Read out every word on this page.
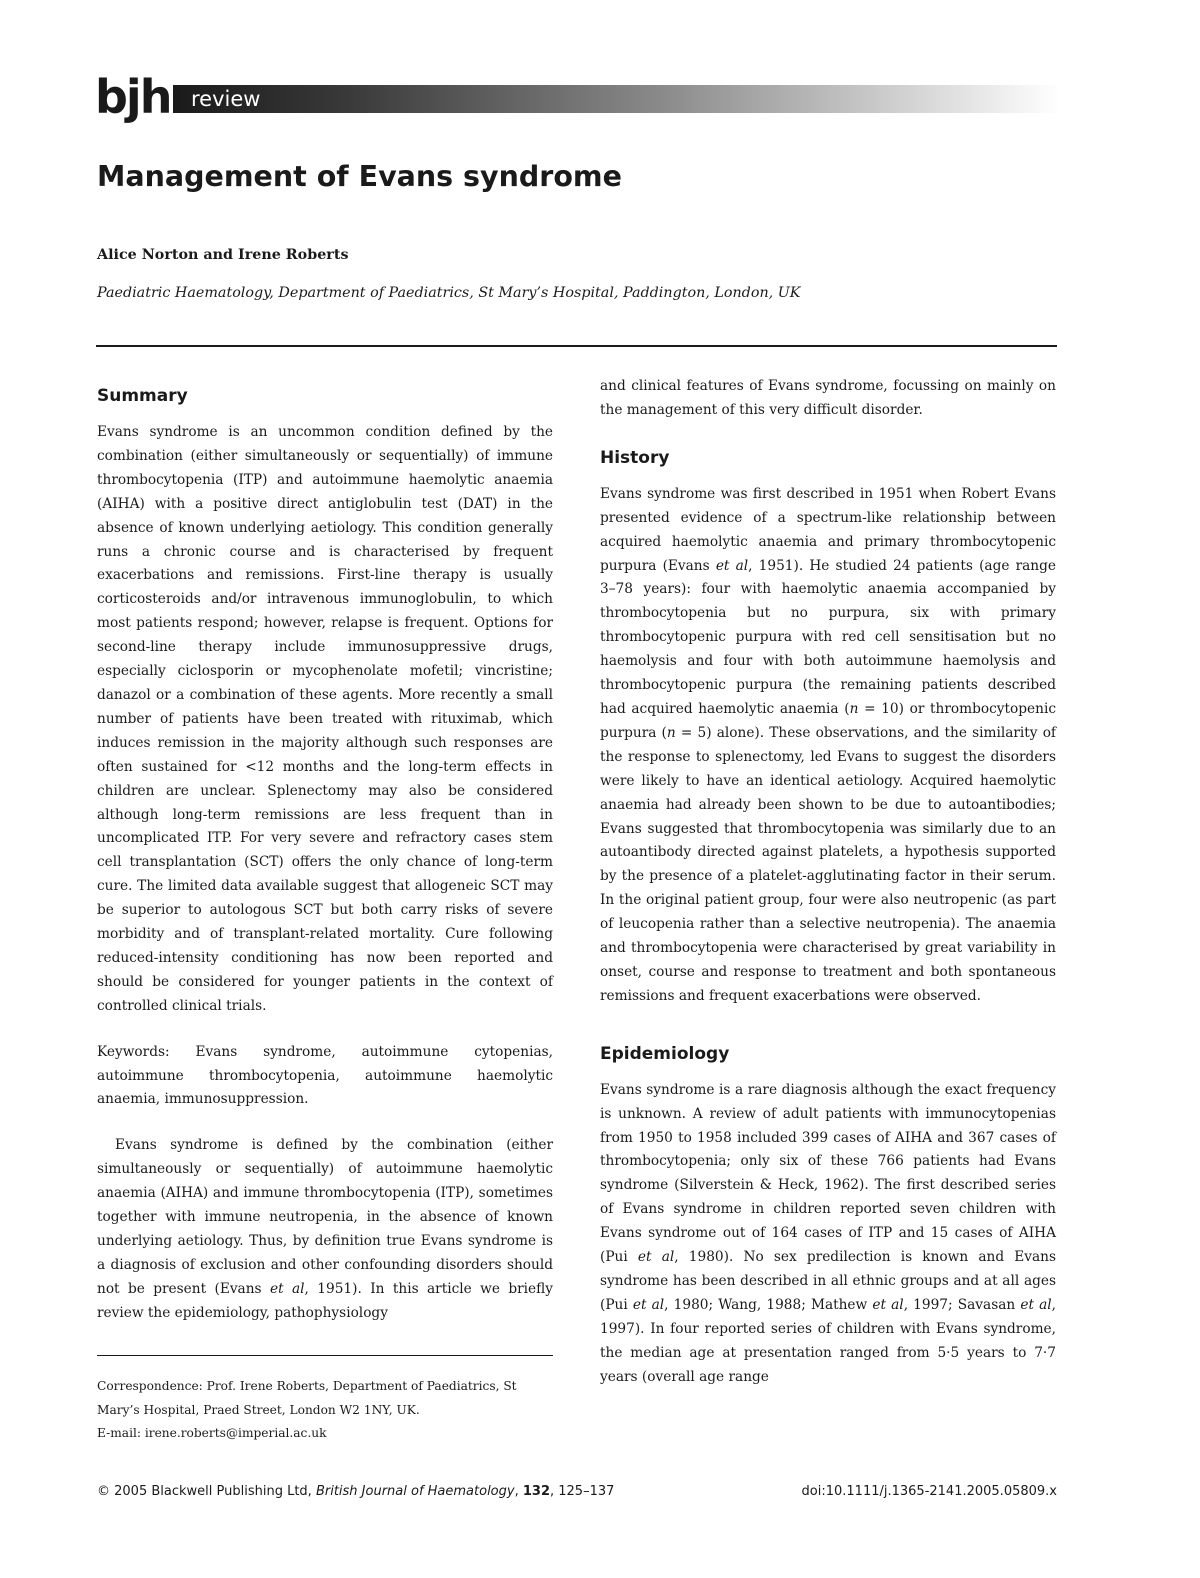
bjh review
Management of Evans syndrome
Alice Norton and Irene Roberts
Paediatric Haematology, Department of Paediatrics, St Mary’s Hospital, Paddington, London, UK
Summary

Evans syndrome is an uncommon condition defined by the combination (either simultaneously or sequentially) of immune thrombocytopenia (ITP) and autoimmune haemolytic anaemia (AIHA) with a positive direct antiglobulin test (DAT) in the absence of known underlying aetiology. This condition generally runs a chronic course and is characterised by frequent exacerbations and remissions. First-line therapy is usually corticosteroids and/or intravenous immunoglobulin, to which most patients respond; however, relapse is frequent. Options for second-line therapy include immunosuppressive drugs, especially ciclosporin or mycophenolate mofetil; vincristine; danazol or a combination of these agents. More recently a small number of patients have been treated with rituximab, which induces remission in the majority although such responses are often sustained for <12 months and the long-term effects in children are unclear. Splenectomy may also be considered although long-term remissions are less frequent than in uncomplicated ITP. For very severe and refractory cases stem cell transplantation (SCT) offers the only chance of long-term cure. The limited data available suggest that allogeneic SCT may be superior to autologous SCT but both carry risks of severe morbidity and of transplant-related mortality. Cure following reduced-intensity conditioning has now been reported and should be considered for younger patients in the context of controlled clinical trials.

Keywords: Evans syndrome, autoimmune cytopenias, autoimmune thrombocytopenia, autoimmune haemolytic anaemia, immunosuppression.

Evans syndrome is defined by the combination (either simultaneously or sequentially) of autoimmune haemolytic anaemia (AIHA) and immune thrombocytopenia (ITP), sometimes together with immune neutropenia, in the absence of known underlying aetiology. Thus, by definition true Evans syndrome is a diagnosis of exclusion and other confounding disorders should not be present (Evans et al, 1951). In this article we briefly review the epidemiology, pathophysiology

Correspondence: Prof. Irene Roberts, Department of Paediatrics, St
Mary’s Hospital, Praed Street, London W2 1NY, UK.
E-mail: irene.roberts@imperial.ac.uk

and clinical features of Evans syndrome, focussing on mainly on the management of this very difficult disorder.

History

Evans syndrome was first described in 1951 when Robert Evans presented evidence of a spectrum-like relationship between acquired haemolytic anaemia and primary thrombocytopenic purpura (Evans et al, 1951). He studied 24 patients (age range 3–78 years): four with haemolytic anaemia accompanied by thrombocytopenia but no purpura, six with primary thrombocytopenic purpura with red cell sensitisation but no haemolysis and four with both autoimmune haemolysis and thrombocytopenic purpura (the remaining patients described had acquired haemolytic anaemia (n = 10) or thrombocytopenic purpura (n = 5) alone). These observations, and the similarity of the response to splenectomy, led Evans to suggest the disorders were likely to have an identical aetiology. Acquired haemolytic anaemia had already been shown to be due to autoantibodies; Evans suggested that thrombocytopenia was similarly due to an autoantibody directed against platelets, a hypothesis supported by the presence of a platelet-agglutinating factor in their serum. In the original patient group, four were also neutropenic (as part of leucopenia rather than a selective neutropenia). The anaemia and thrombocytopenia were characterised by great variability in onset, course and response to treatment and both spontaneous remissions and frequent exacerbations were observed.

Epidemiology

Evans syndrome is a rare diagnosis although the exact frequency is unknown. A review of adult patients with immunocytopenias from 1950 to 1958 included 399 cases of AIHA and 367 cases of thrombocytopenia; only six of these 766 patients had Evans syndrome (Silverstein & Heck, 1962). The first described series of Evans syndrome in children reported seven children with Evans syndrome out of 164 cases of ITP and 15 cases of AIHA (Pui et al, 1980). No sex predilection is known and Evans syndrome has been described in all ethnic groups and at all ages (Pui et al, 1980; Wang, 1988; Mathew et al, 1997; Savasan et al, 1997). In four reported series of children with Evans syndrome, the median age at presentation ranged from 5·5 years to 7·7 years (overall age range

© 2005 Blackwell Publishing Ltd, British Journal of Haematology, 132, 125–137	doi:10.1111/j.1365-2141.2005.05809.x
